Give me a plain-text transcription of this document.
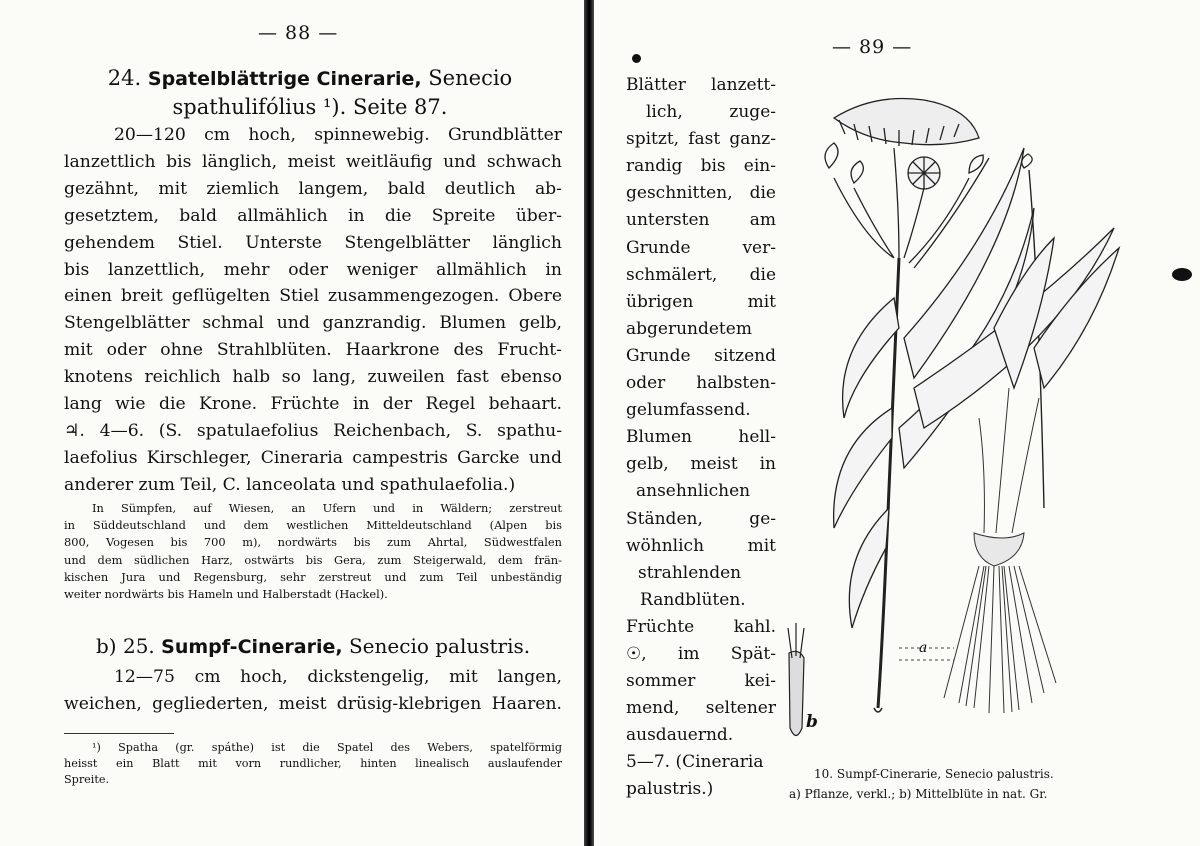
— 88 —
24. Spatelblättrige Cinerarie, Senecio
spathulifólius ¹). Seite 87.
20—120 cm hoch, spinnewebig. Grundblätter
lanzettlich bis länglich, meist weitläufig und schwach
gezähnt, mit ziemlich langem, bald deutlich ab-
gesetztem, bald allmählich in die Spreite über-
gehendem Stiel. Unterste Stengelblätter länglich
bis lanzettlich, mehr oder weniger allmählich in
einen breit geflügelten Stiel zusammengezogen. Obere
Stengelblätter schmal und ganzrandig. Blumen gelb,
mit oder ohne Strahlblüten. Haarkrone des Frucht-
knotens reichlich halb so lang, zuweilen fast ebenso
lang wie die Krone. Früchte in der Regel behaart.
♃. 4—6. (S. spatulaefolius Reichenbach, S. spathu-
laefolius Kirschleger, Cineraria campestris Garcke und
anderer zum Teil, C. lanceolata und spathulaefolia.)
In Sümpfen, auf Wiesen, an Ufern und in Wäldern; zerstreut
in Süddeutschland und dem westlichen Mitteldeutschland (Alpen bis
800, Vogesen bis 700 m), nordwärts bis zum Ahrtal, Südwestfalen
und dem südlichen Harz, ostwärts bis Gera, zum Steigerwald, dem frän-
kischen Jura und Regensburg, sehr zerstreut und zum Teil unbeständig
weiter nordwärts bis Hameln und Halberstadt (Hackel).
b) 25. Sumpf-Cinerarie, Senecio palustris.
12—75 cm hoch, dickstengelig, mit langen,
weichen, gegliederten, meist drüsig-klebrigen Haaren.
¹) Spatha (gr. spáthe) ist die Spatel des Webers, spatelförmig
heisst ein Blatt mit vorn rundlicher, hinten linealisch auslaufender
Spreite.
— 89 —
a
b
10. Sumpf-Cinerarie, Senecio palustris.
a) Pflanze, verkl.; b) Mittelblüte in nat. Gr.
Blätter lanzett-
lich, zuge-
spitzt, fast ganz-
randig bis ein-
geschnitten, die
untersten am
Grunde ver-
schmälert, die
übrigen mit
abgerundetem
Grunde sitzend
oder halbsten-
gelumfassend.
Blumen hell-
gelb, meist in
ansehnlichen
Ständen, ge-
wöhnlich mit
strahlenden
Randblüten.
Früchte kahl.
☉, im Spät-
sommer kei-
mend, seltener
ausdauernd.
5—7. (Cineraria
palustris.)
